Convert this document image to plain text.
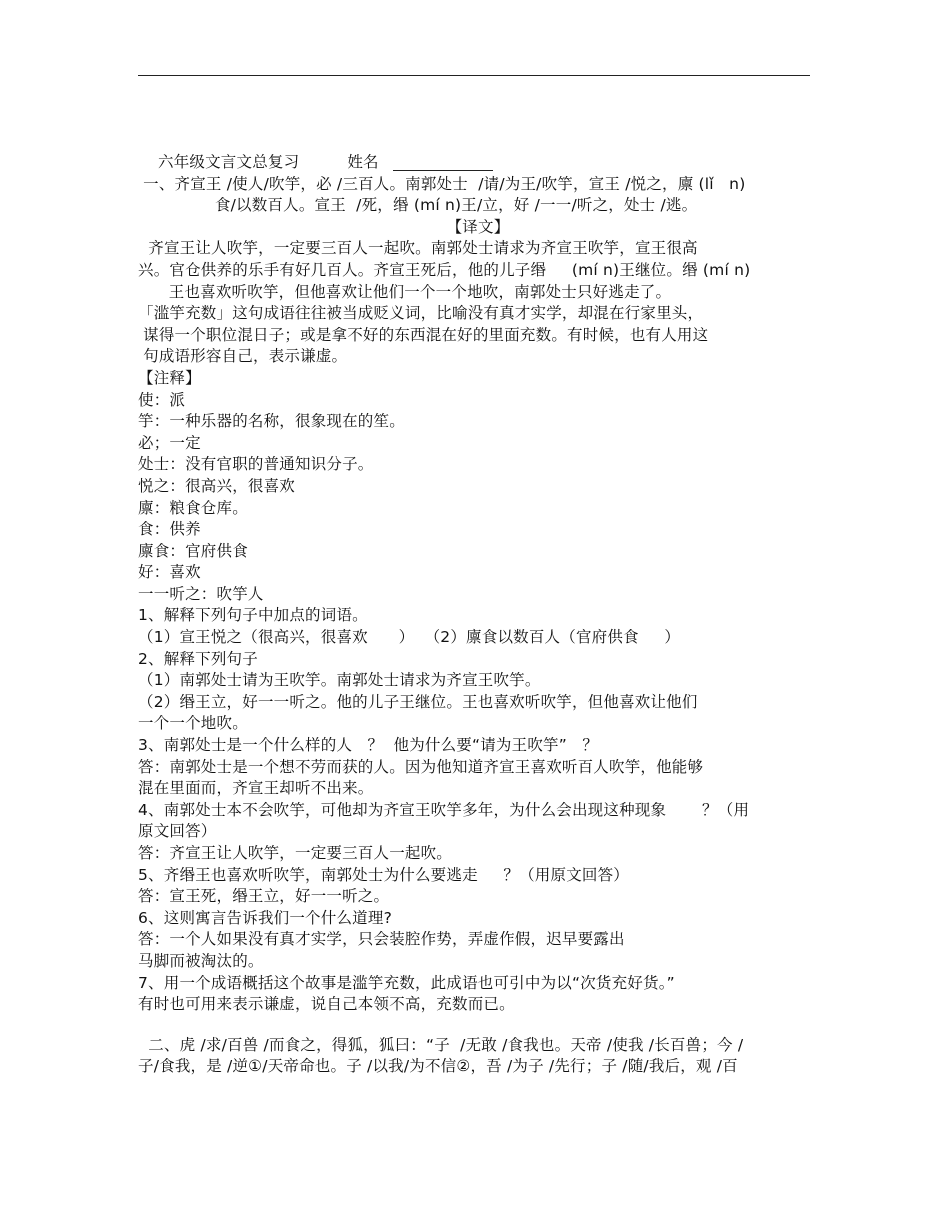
六年级文言文总复习	姓名
一、齐宣王 /使人/吹竽，必 /三百人。南郭处士  /请/为王/吹竽，宣王 /悦之，廪 (lǐ   n)
食/以数百人。宣王  /死，缗 (mí n)王/立，好 /一一/听之，处士 /逃。
【译文】
齐宣王让人吹竽，一定要三百人一起吹。南郭处士请求为齐宣王吹竽，宣王很高
兴。官仓供养的乐手有好几百人。齐宣王死后，他的儿子缗     (mí n)王继位。缗 (mí n)
王也喜欢听吹竽，但他喜欢让他们一个一个地吹，南郭处士只好逃走了。
「滥竽充数」这句成语往往被当成贬义词，比喻没有真才实学，却混在行家里头，
谋得一个职位混日子；或是拿不好的东西混在好的里面充数。有时候，也有人用这
句成语形容自己，表示谦虚。
【注释】
使：派
竽：一种乐器的名称，很象现在的笙。
必；一定
处士：没有官职的普通知识分子。
悦之：很高兴，很喜欢
廪：粮食仓库。
食：供养
廪食：官府供食
好：喜欢
一一听之：吹竽人
1、解释下列句子中加点的词语。
（1）宣王悦之（很高兴，很喜欢      ）  （2）廪食以数百人（官府供食     ）
2、解释下列句子
（1）南郭处士请为王吹竽。南郭处士请求为齐宣王吹竽。
（2）缗王立，好一一听之。他的儿子王继位。王也喜欢听吹竽，但他喜欢让他们
一个一个地吹。
3、南郭处士是一个什么样的人   ？  他为什么要“请为王吹竽”   ？
答：南郭处士是一个想不劳而获的人。因为他知道齐宣王喜欢听百人吹竽，他能够
混在里面而，齐宣王却听不出来。
4、南郭处士本不会吹竽，可他却为齐宣王吹竽多年，为什么会出现这种现象       ？（用
原文回答）
答：齐宣王让人吹竽，一定要三百人一起吹。
5、齐缗王也喜欢听吹竽，南郭处士为什么要逃走     ？（用原文回答）
答：宣王死，缗王立，好一一听之。
6、这则寓言告诉我们一个什么道理?
答：一个人如果没有真才实学，只会装腔作势，弄虚作假，迟早要露出
马脚而被淘汰的。
7、用一个成语概括这个故事是滥竽充数，此成语也可引中为以“次货充好货。”
有时也可用来表示谦虚，说自己本领不高，充数而已。
二、虎 /求/百兽 /而食之，得狐，狐曰：“子  /无敢 /食我也。天帝 /使我 /长百兽；今 /
子/食我，是 /逆①/天帝命也。子 /以我/为不信②，吾 /为子 /先行；子 /随/我后，观 /百
